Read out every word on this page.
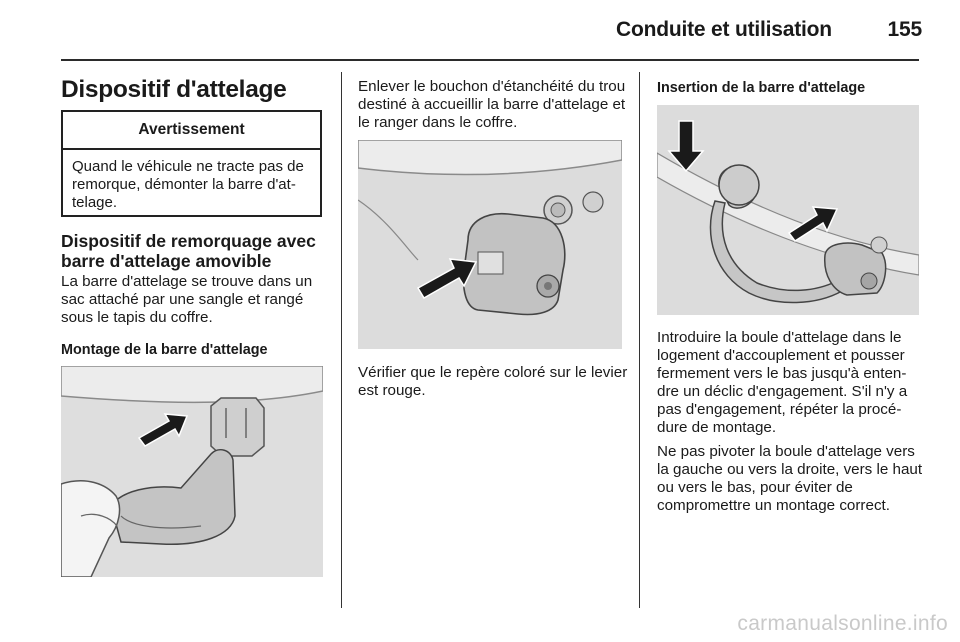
Conduite et utilisation	155
Dispositif d'attelage
Avertissement
Quand le véhicule ne tracte pas de remorque, démonter la barre d'attelage.
Dispositif de remorquage avec barre d'attelage amovible

La barre d'attelage se trouve dans un sac attaché par une sangle et rangé sous le tapis du coffre.

Montage de la barre d'attelage

Enlever le bouchon d'étanchéité du trou destiné à accueillir la barre d'attelage et le ranger dans le coffre.

Vérifier que le repère coloré sur le levier est rouge.

Insertion de la barre d'attelage

Introduire la boule d'attelage dans le logement d'accouplement et pousser fermement vers le bas jusqu'à entendre un déclic d'engagement. S'il n'y a pas d'engagement, répéter la procédure de montage.

Ne pas pivoter la boule d'attelage vers la gauche ou vers la droite, vers le haut ou vers le bas, pour éviter de compromettre un montage correct.

carmanualsonline.info
